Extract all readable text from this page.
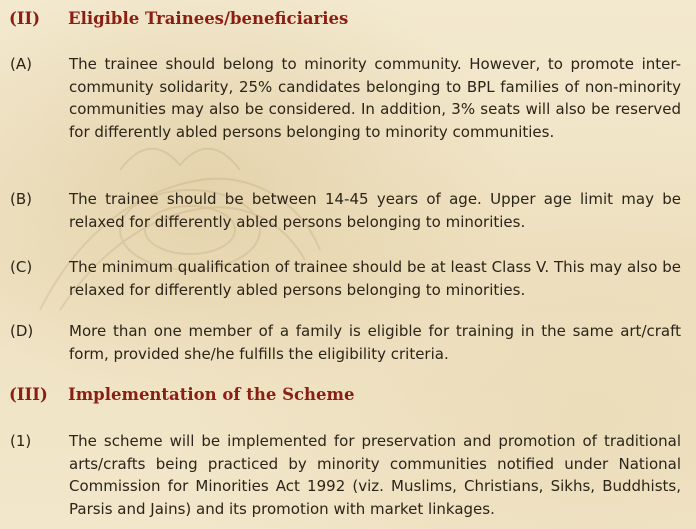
(II) Eligible Trainees/beneficiaries
(A) The trainee should belong to minority community. However, to promote inter-community solidarity, 25% candidates belonging to BPL families of non-minority communities may also be considered. In addition, 3% seats will also be reserved for differently abled persons belonging to minority communities.
(B) The trainee should be between 14-45 years of age. Upper age limit may be relaxed for differently abled persons belonging to minorities.
(C) The minimum qualification of trainee should be at least Class V. This may also be relaxed for differently abled persons belonging to minorities.
(D) More than one member of a family is eligible for training in the same art/craft form, provided she/he fulfills the eligibility criteria.
(III) Implementation of the Scheme
(1)	The scheme will be implemented for preservation and promotion of traditional arts/crafts being practiced by minority communities notified under National Commission for Minorities Act 1992 (viz. Muslims, Christians, Sikhs, Buddhists, Parsis and Jains) and its promotion with market linkages.
